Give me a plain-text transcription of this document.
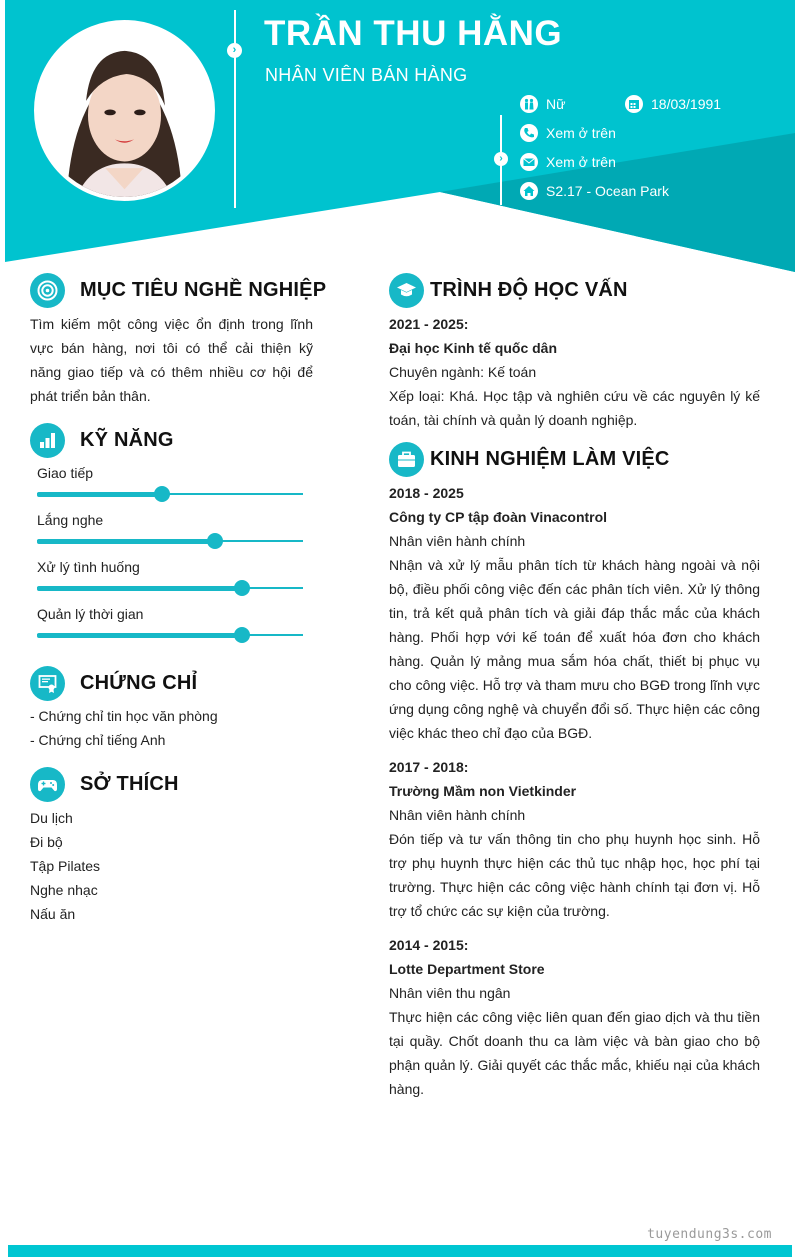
› TRẦN THU HẰNG
NHÂN VIÊN BÁN HÀNG
›
Nữ	18/03/1991
Xem ở trên
Xem ở trên
S2.17 - Ocean Park
MỤC TIÊU NGHỀ NGHIỆP
Tìm kiếm một công việc ổn định trong lĩnh vực bán hàng, nơi tôi có thể cải thiện kỹ năng giao tiếp và có thêm nhiều cơ hội để phát triển bản thân.
KỸ NĂNG
Giao tiếp
Lắng nghe
Xử lý tình huống
Quản lý thời gian
CHỨNG CHỈ
- Chứng chỉ tin học văn phòng
- Chứng chỉ tiếng Anh
SỞ THÍCH
Du lịch
Đi bộ
Tập Pilates
Nghe nhạc
Nấu ăn
TRÌNH ĐỘ HỌC VẤN
2021 - 2025:
Đại học Kinh tế quốc dân
Chuyên ngành: Kế toán
Xếp loại: Khá. Học tập và nghiên cứu về các nguyên lý kế toán, tài chính và quản lý doanh nghiệp.
KINH NGHIỆM LÀM VIỆC
2018 - 2025
Công ty CP tập đoàn Vinacontrol
Nhân viên hành chính
Nhận và xử lý mẫu phân tích từ khách hàng ngoài và nội bộ, điều phối công việc đến các phân tích viên. Xử lý thông tin, trả kết quả phân tích và giải đáp thắc mắc của khách hàng. Phối hợp với kế toán để xuất hóa đơn cho khách hàng. Quản lý mảng mua sắm hóa chất, thiết bị phục vụ cho công việc. Hỗ trợ và tham mưu cho BGĐ trong lĩnh vực ứng dụng công nghệ và chuyển đổi số. Thực hiện các công việc khác theo chỉ đạo của BGĐ.
2017 - 2018:
Trường Mầm non Vietkinder
Nhân viên hành chính
Đón tiếp và tư vấn thông tin cho phụ huynh học sinh. Hỗ trợ phụ huynh thực hiện các thủ tục nhập học, học phí tại trường. Thực hiện các công việc hành chính tại đơn vị. Hỗ trợ tổ chức các sự kiện của trường.
2014 - 2015:
Lotte Department Store
Nhân viên thu ngân
Thực hiện các công việc liên quan đến giao dịch và thu tiền tại quầy. Chốt doanh thu ca làm việc và bàn giao cho bộ phận quản lý. Giải quyết các thắc mắc, khiếu nại của khách hàng.
tuyendung3s.com
